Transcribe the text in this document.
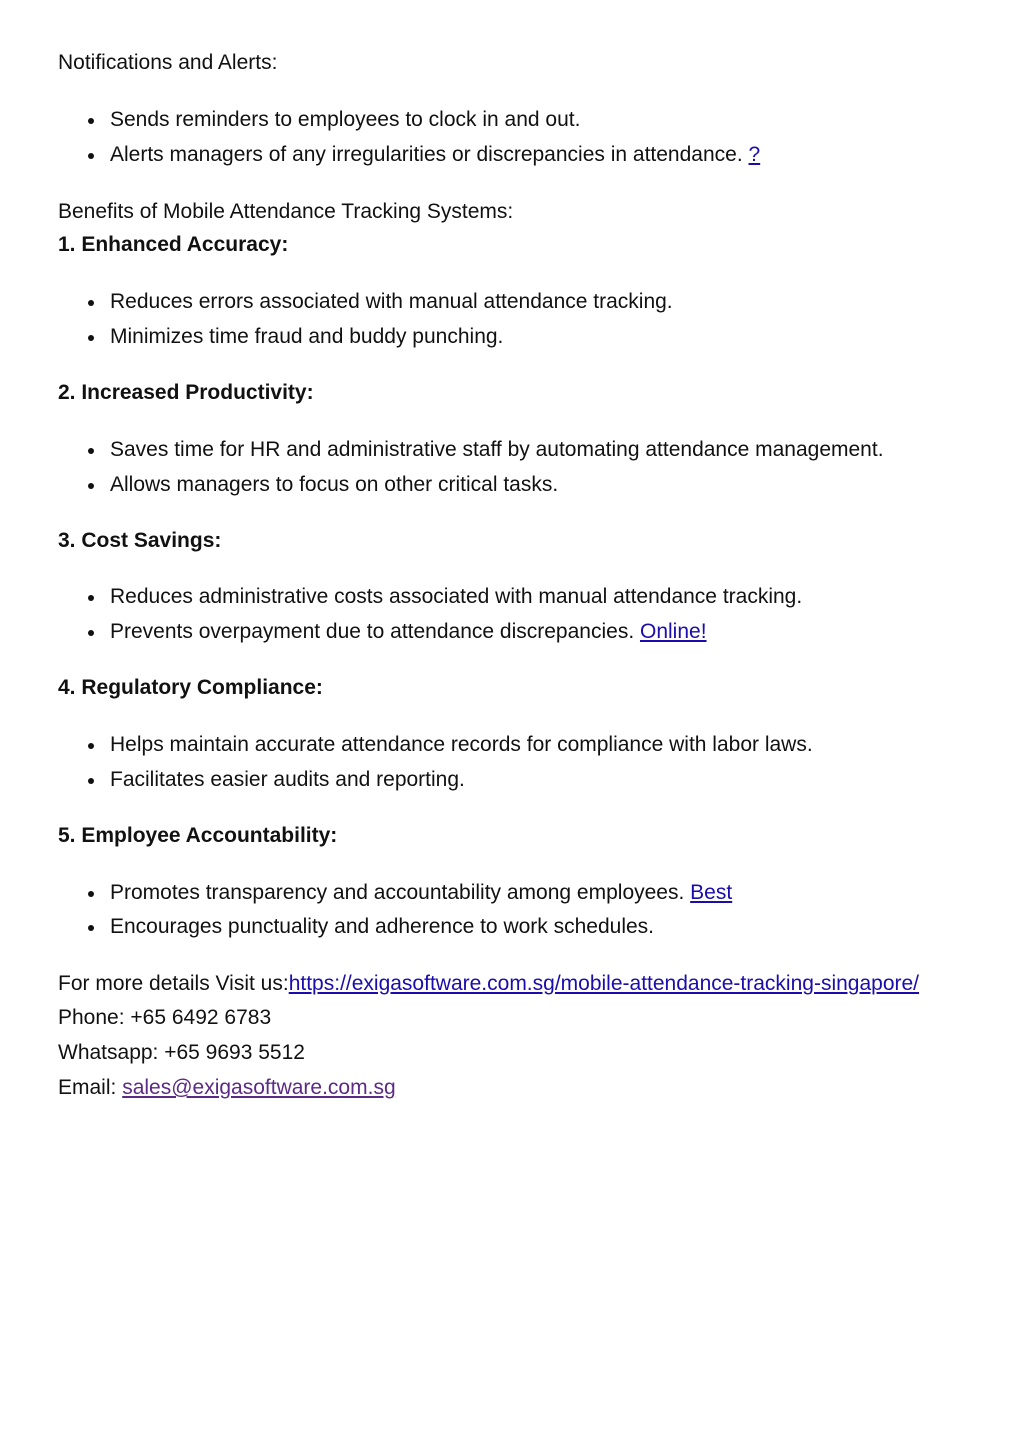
Notifications and Alerts:
Sends reminders to employees to clock in and out.
Alerts managers of any irregularities or discrepancies in attendance. ?
Benefits of Mobile Attendance Tracking Systems:
1. Enhanced Accuracy:
Reduces errors associated with manual attendance tracking.
Minimizes time fraud and buddy punching.
2. Increased Productivity:
Saves time for HR and administrative staff by automating attendance management.
Allows managers to focus on other critical tasks.
3. Cost Savings:
Reduces administrative costs associated with manual attendance tracking.
Prevents overpayment due to attendance discrepancies. Online!
4. Regulatory Compliance:
Helps maintain accurate attendance records for compliance with labor laws.
Facilitates easier audits and reporting.
5. Employee Accountability:
Promotes transparency and accountability among employees. Best
Encourages punctuality and adherence to work schedules.
For more details Visit us:https://exigasoftware.com.sg/mobile-attendance-tracking-singapore/
Phone: +65 6492 6783
Whatsapp: +65 9693 5512
Email: sales@exigasoftware.com.sg
